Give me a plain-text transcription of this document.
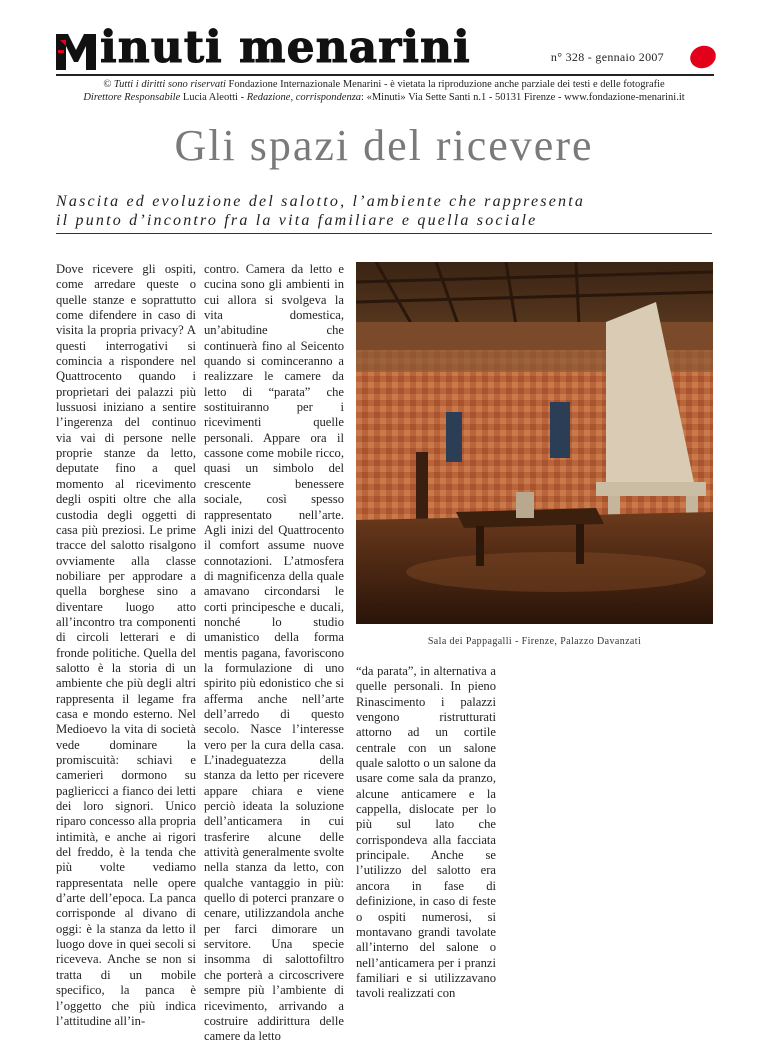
inuti menarini	n° 328 - gennaio 2007
© Tutti i diritti sono riservati Fondazione Internazionale Menarini - è vietata la riproduzione anche parziale dei testi e delle fotografie
Direttore Responsabile Lucia Aleotti - Redazione, corrispondenza: «Minuti» Via Sette Santi n.1 - 50131 Firenze - www.fondazione-menarini.it
Gli spazi del ricevere
Nascita ed evoluzione del salotto, l’ambiente che rappresenta
il punto d’incontro fra la vita familiare e quella sociale

Dove ricevere gli ospiti, come arredare queste o quelle stanze e soprattutto come difendere in caso di visita la propria privacy? A questi interrogativi si comincia a rispondere nel Quattrocento quando i proprietari dei palazzi più lussuosi iniziano a sentire l’ingerenza del continuo via vai di persone nelle proprie stanze da letto, deputate fino a quel momento al ricevimento degli ospiti oltre che alla custodia degli oggetti di casa più preziosi. Le prime tracce del salotto risalgono ovviamente alla classe nobiliare per approdare a quella borghese sino a diventare luogo atto all’incontro tra componenti di circoli letterari e di fronde politiche. Quella del salotto è la storia di un ambiente che più degli altri rappresenta il legame fra casa e mondo esterno. Nel Medioevo la vita di società vede dominare la promiscuità: schiavi e camerieri dormono su pagliericci a fianco dei letti dei loro signori. Unico riparo concesso alla propria intimità, e anche ai rigori del freddo, è la tenda che più volte vediamo rappresentata nelle opere d’arte dell’epoca. La panca corrisponde al divano di oggi: è la stanza da letto il luogo dove in quei secoli si riceveva. Anche se non si tratta di un mobile specifico, la panca è l’oggetto che più indica l’attitudine all’in-

contro. Camera da letto e cucina sono gli ambienti in cui allora si svolgeva la vita domestica, un’abitudine che continuerà fino al Seicento quando si cominceranno a realizzare le camere da letto di “parata” che sostituiranno per i ricevimenti quelle personali. Appare ora il cassone come mobile ricco, quasi un simbolo del crescente benessere sociale, così spesso rappresentato nell’arte. Agli inizi del Quattrocento il comfort assume nuove connotazioni. L’atmosfera di magnificenza della quale amavano circondarsi le corti principesche e ducali, nonché lo studio umanistico della forma mentis pagana, favoriscono la formulazione di uno spirito più edonistico che si afferma anche nell’arte dell’arredo di questo secolo. Nasce l’interesse vero per la cura della casa. L’inadeguatezza della stanza da letto per ricevere appare chiara e viene perciò ideata la soluzione dell’anticamera in cui trasferire alcune delle attività generalmente svolte nella stanza da letto, con qualche vantaggio in più: quello di poterci pranzare o cenare, utilizzandola anche per farci dimorare un servitore. Una specie insomma di salottofiltro che porterà a circoscrivere sempre più l’ambiente di ricevimento, arrivando a costruire addirittura delle camere da letto

Sala dei Pappagalli - Firenze, Palazzo Davanzati

“da parata”, in alternativa a quelle personali. In pieno Rinascimento i palazzi vengono ristrutturati attorno ad un cortile centrale con un salone quale salotto o un salone da usare come sala da pranzo, alcune anticamere e la cappella, dislocate per lo più sul lato che corrispondeva alla facciata principale. Anche se l’utilizzo del salotto era ancora in fase di definizione, in caso di feste o ospiti numerosi, si montavano grandi tavolate all’interno del salone o nell’anticamera per i pranzi familiari e si utilizzavano tavoli realizzati con
